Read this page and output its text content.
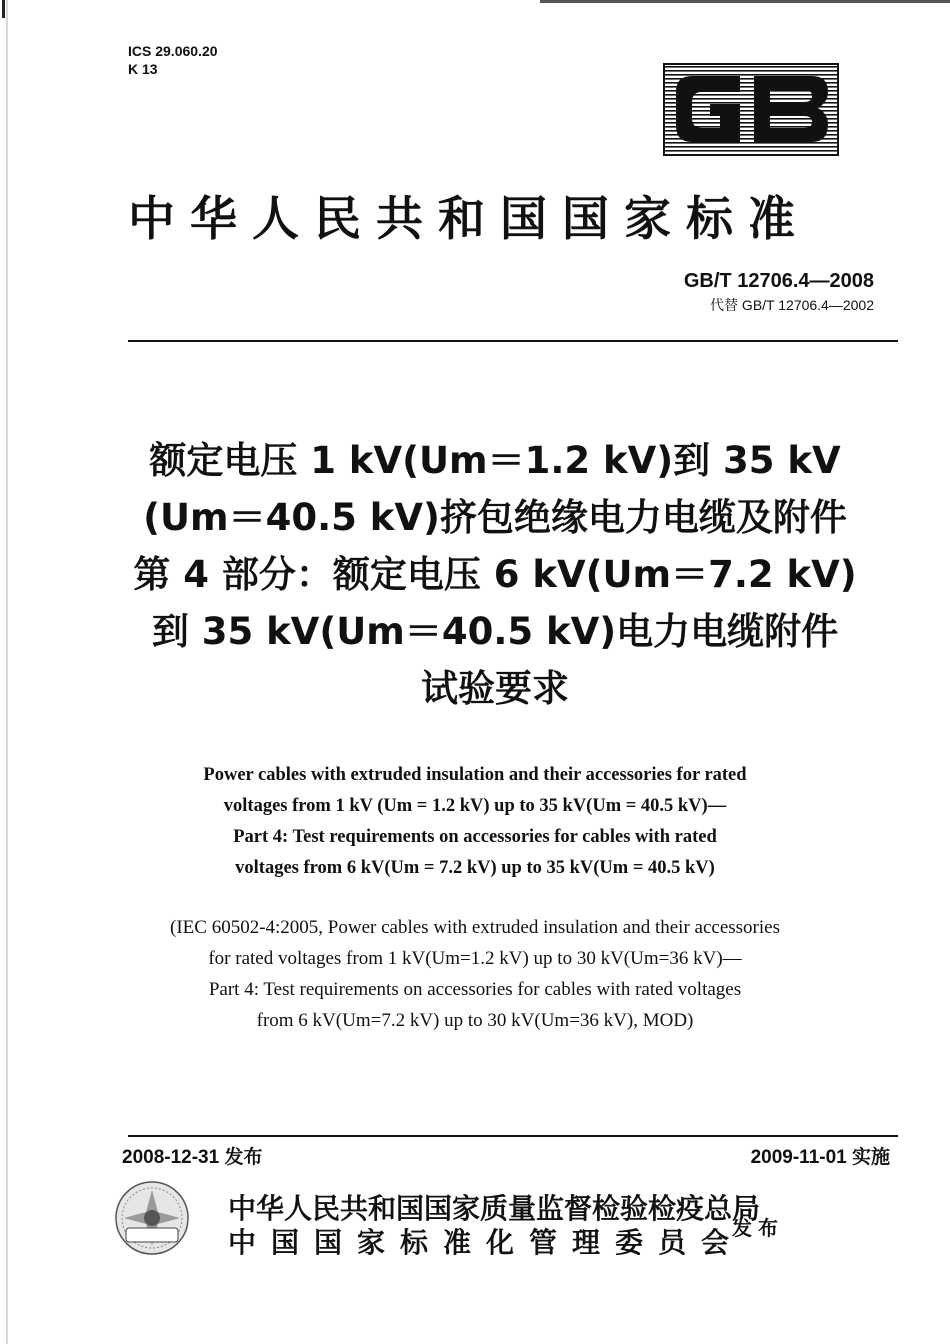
ICS 29.060.20
K 13
中华人民共和国国家标准
GB/T 12706.4—2008
代替 GB/T 12706.4—2002
额定电压 1 kV(Um＝1.2 kV)到 35 kV
(Um＝40.5 kV)挤包绝缘电力电缆及附件
第 4 部分：额定电压 6 kV(Um＝7.2 kV)
到 35 kV(Um＝40.5 kV)电力电缆附件
试验要求
Power cables with extruded insulation and their accessories for rated
voltages from 1 kV (Um = 1.2 kV) up to 35 kV(Um = 40.5 kV)—
Part 4: Test requirements on accessories for cables with rated
voltages from 6 kV(Um = 7.2 kV) up to 35 kV(Um = 40.5 kV)
(IEC 60502-4:2005, Power cables with extruded insulation and their accessories
for rated voltages from 1 kV(Um=1.2 kV) up to 30 kV(Um=36 kV)—
Part 4: Test requirements on accessories for cables with rated voltages
from 6 kV(Um=7.2 kV) up to 30 kV(Um=36 kV), MOD)
2008-12-31 发布	2009-11-01 实施
中华人民共和国国家质量监督检验检疫总局
中国国家标准化管理委员会
发布
